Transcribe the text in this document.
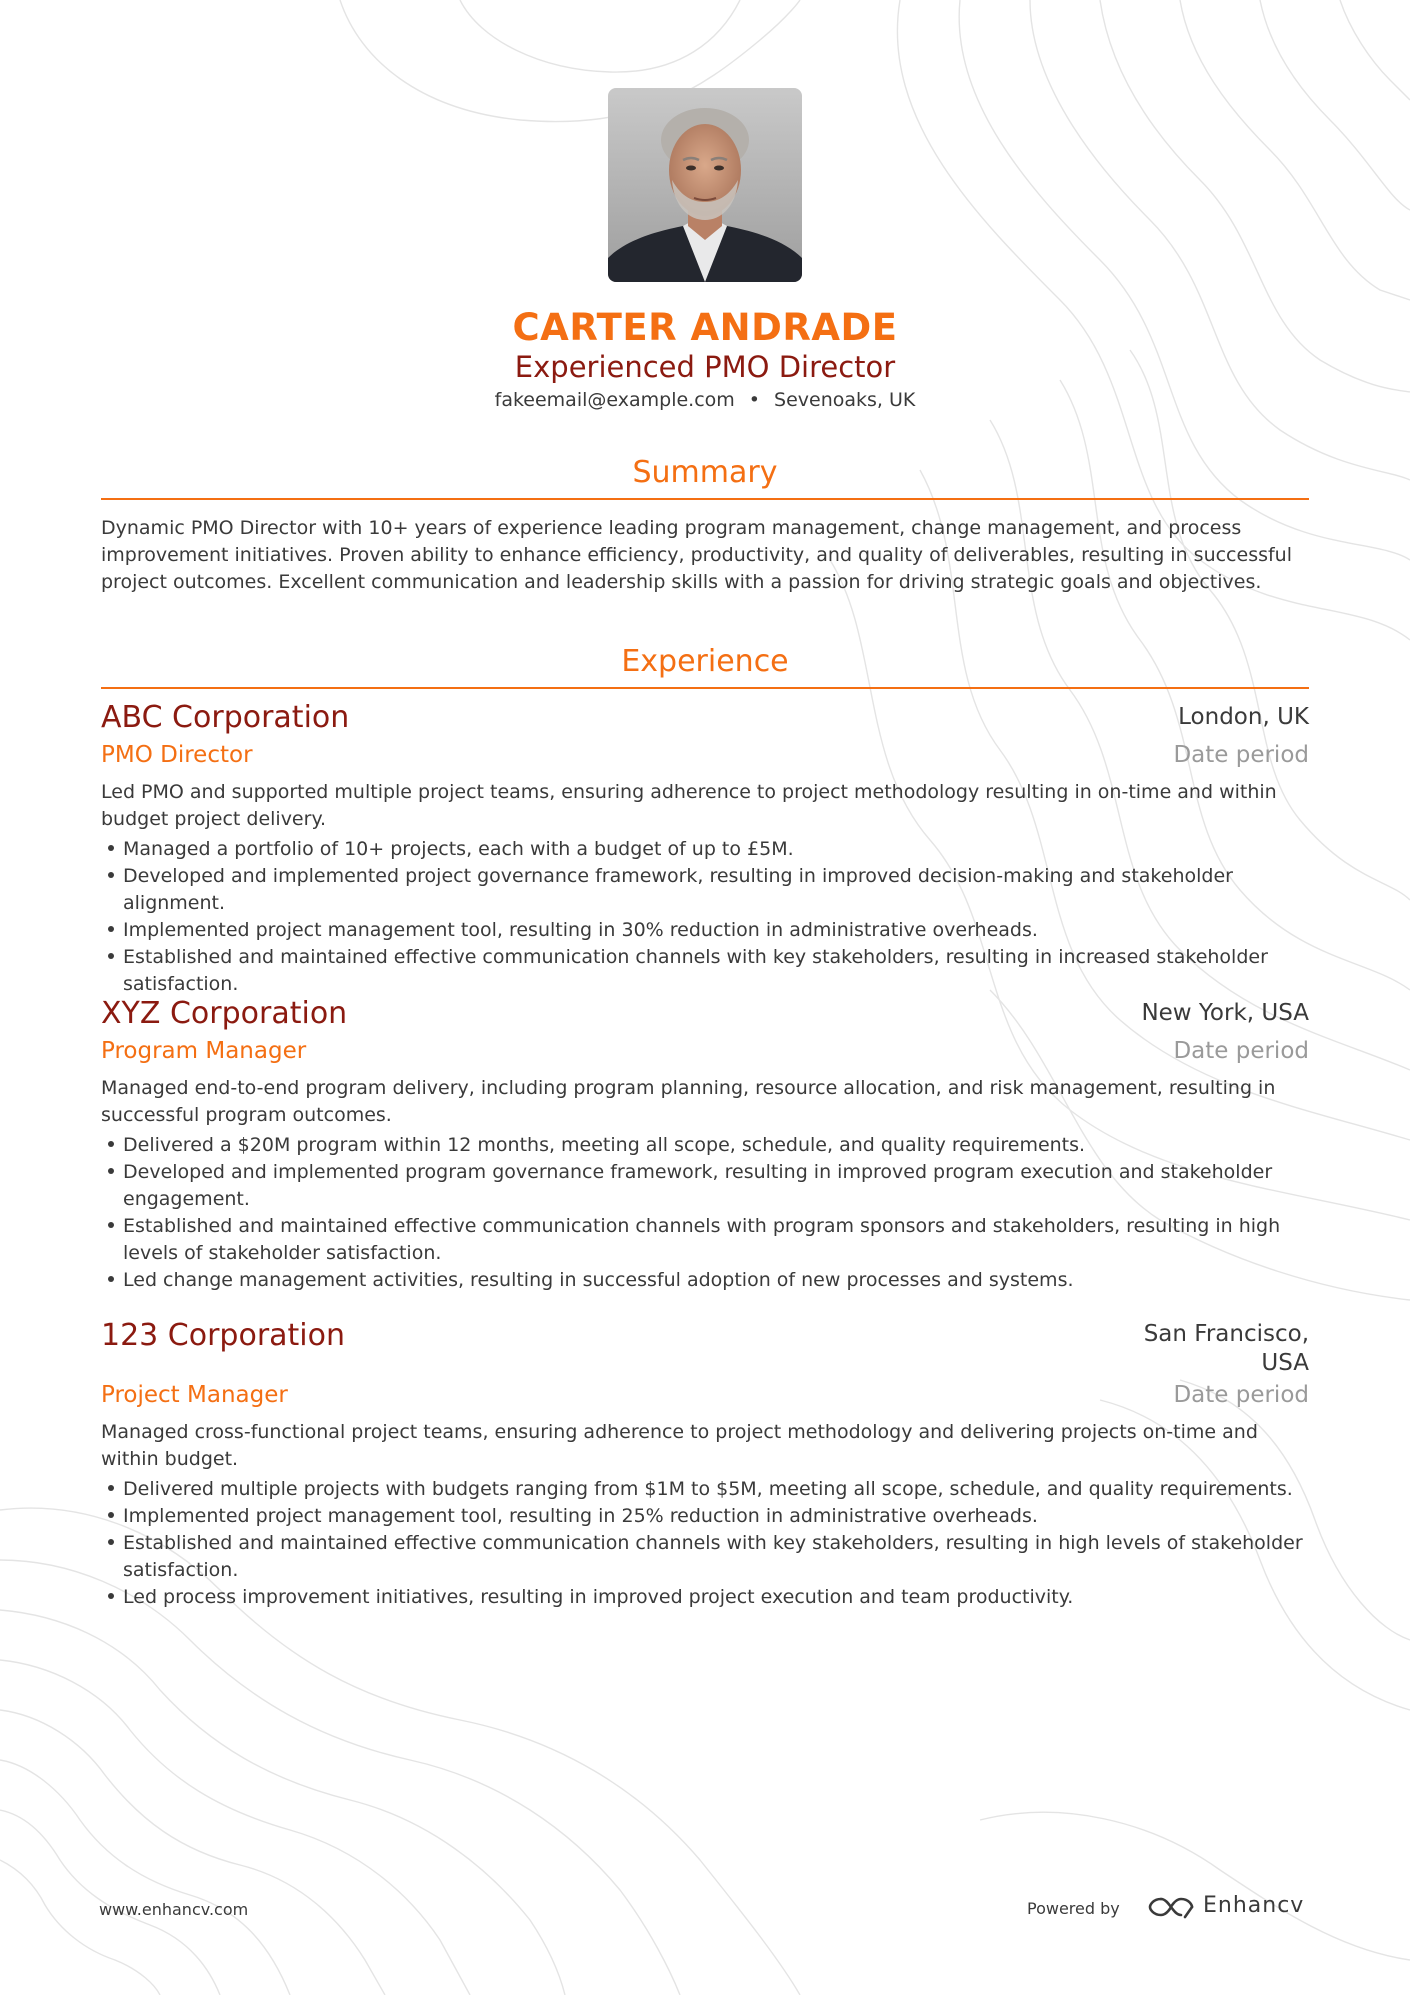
CARTER ANDRADE
Experienced PMO Director
fakeemail@example.com • Sevenoaks, UK
Summary
Dynamic PMO Director with 10+ years of experience leading program management, change management, and process improvement initiatives. Proven ability to enhance efficiency, productivity, and quality of deliverables, resulting in successful project outcomes. Excellent communication and leadership skills with a passion for driving strategic goals and objectives.
Experience
ABC Corporation	London, UK
PMO Director	Date period
Led PMO and supported multiple project teams, ensuring adherence to project methodology resulting in on-time and within budget project delivery.
Managed a portfolio of 10+ projects, each with a budget of up to £5M.
Developed and implemented project governance framework, resulting in improved decision-making and stakeholder alignment.
Implemented project management tool, resulting in 30% reduction in administrative overheads.
Established and maintained effective communication channels with key stakeholders, resulting in increased stakeholder satisfaction.
XYZ Corporation	New York, USA
Program Manager	Date period
Managed end-to-end program delivery, including program planning, resource allocation, and risk management, resulting in successful program outcomes.
Delivered a $20M program within 12 months, meeting all scope, schedule, and quality requirements.
Developed and implemented program governance framework, resulting in improved program execution and stakeholder engagement.
Established and maintained effective communication channels with program sponsors and stakeholders, resulting in high levels of stakeholder satisfaction.
Led change management activities, resulting in successful adoption of new processes and systems.
123 Corporation	San Francisco,
USA
Project Manager	Date period
Managed cross-functional project teams, ensuring adherence to project methodology and delivering projects on-time and within budget.
Delivered multiple projects with budgets ranging from $1M to $5M, meeting all scope, schedule, and quality requirements.
Implemented project management tool, resulting in 25% reduction in administrative overheads.
Established and maintained effective communication channels with key stakeholders, resulting in high levels of stakeholder satisfaction.
Led process improvement initiatives, resulting in improved project execution and team productivity.
www.enhancv.com	Powered by	Enhancv
